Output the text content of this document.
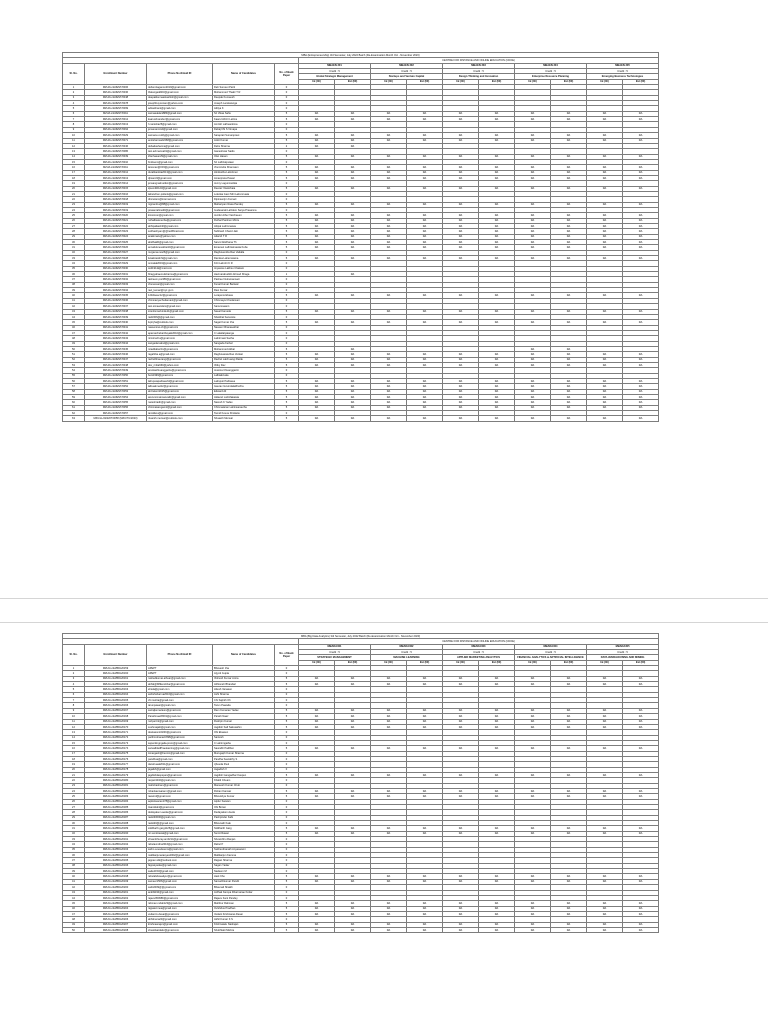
MBA (Entrepreneurship) 3rd Semester, July 2022 Batch (Re-Examination Month Oct - November 2023)														
					CENTRE FOR DISTANCE AND ONLINE EDUCATION (CDOE)									
Sl. No.	Enrollment Number	Phone No./Email ID	Name of Candidates	No. of Back Paper	MBAEN 301		MBAEN 302		MBAEN 303		MBAEN 304		MBAEN 305	
					Credit : 5		Credit : 5		Credit : 5		Credit : 5		Credit : 5	
					Global Strategic Management		Startups and Venture Capital		Design Thinking and Innovation		Enterprise Resource Planning		Emerging Business Technologies	
					Int (30)	Ext (60)	Int (30)	Ext (60)	Int (30)	Ext (60)	Int (30)	Ext (60)	Int (30)	Ext (60)
1	MZU/LL/22/ENT/0006	debsmitaganon2019@gmail.com	Deb Sumeet Pariti	0										
2	MZU/LL/22/ENT/0036	thakurgaddi03@gmail.com	Mohammed Thakir T R	0										
3	MZU/LL/22/ENT/0048	deepakkumaarkashish@gmail.com	Deepak Kumeesh	0										
4	MZU/LL/22/ENT/0078	josephbuyonnam@yahoo.com	Joseph Lamkawnga	0										
5	MZU/LL/22/ENT/0099	adisukhami@gmail.com	Aditya K	0										
6	MZU/LL/22/ENT/0011	saimasaklani889@gmail.com	Sri Vikas Sahu	5	RA	RA	RA	RA	RA	RA	RA	RA	RA	RA
7	MZU/LL/22/ENT/0012	kaarushnandez@gmail.com	Kaarul Ahtzir Lalrine	5	RA	RA	RA	RA	RA	RA	RA	RA	RA	RA
8	MZU/LL/22/ENT/0013	f.manisha25@gmail.com	Amrish Lalhuankima	0										
9	MZU/LL/22/ENT/0094	jensenamindi@gmail.com	Debaj NS S Vimapa	0										
10	MZU/LL/22/ENT/0029	saimanu.reddy@gmail.com	Saraprati Sumanpreet	5	RA	RA	RA	RA	RA	RA	RA	RA	RA	RA
11	MZU/LL/22/ENT/0071	amitsharma22468@gmail.com	Ankit Kumar	5	RA	RA	RA	RA	RA	RA	RA	RA	RA	RA
12	MZU/LL/22/ENT/0046	debadasharma@gmail.com	Debs Sharma	2	RA	RA								
13	MZU/LL/22/ENT/0086	test.azimanna01@gmail.com	Ganeshwar Sadio	0										
14	MZU/LL/22/ENT/0039	irfanhasan29@gmail.com	Irfan Hasan	5	RA	RA	RA	RA	RA	RA	RA	RA	RA	RA
15	MZU/LL/22/ENT/0010	fmdreem@gmail.com	Sri Lalhriatpuiaat	0										
16	MZU/LL/22/ENT/0011	lamsnan@003@gmail.com	Jhumindra Khamsam	5	RA	RA	RA	RA	RA	RA	RA	RA	RA	RA
17	MZU/LL/22/ENT/0012	durablankita2013@gmail.com	Hindustha Lalmitmei	5	RA	RA	RA	RA	RA	RA	RA	RA	RA	RA
18	MZU/LL/22/ENT/0013	djmanzil@gmail.com	Amanpreta Pawal	5	RA	RA	RA	RA	RA	RA	RA	RA	RA	RA
19	MZU/LL/22/ENT/0014	jensangnalmeitkin@gmail.com	Jenny Lagunmeitkia	0										
20	MZU/LL/22/ENT/0015	iqsemili0123@gmail.com	Deeraz Vlaotchaia	5	RA	RA	RA	RA	RA	RA	RA	RA	RA	RA
21	MZU/LL/22/ENT/0016	lalranchen.pollenk@gmail.com	Lolenka Gani Sthi Lalremruata	0										
22	MZU/LL/22/ENT/0018	dimreiters@internal.com	Dipinsenjim Kumari	0										
23	MZU/LL/22/ENT/0019	mjprambu@88@gmail.com	Mahariyam Rasa Pandey	5	RA	RA	RA	RA	RA	RA	RA	RA	RA	RA
24	MZU/LL/22/ENT/0019	prasanrahradi0@gmail.com	Gudesarali Lalzdem Sarya Prasanna	0										
25	MZU/LL/22/ENT/0020	kimsimon@gmail.com	Jenifer Ather Varcheeen	5	RA	RA	RA	RA	RA	RA	RA	RA	RA	RA
26	MZU/LL/22/ENT/0021	ruthalfastenerba@gmail.com	Ruthal Parshen Mirza	5	RA	RA	RA	RA	RA	RA	RA	RA	RA	RA
27	MZU/LL/22/ENT/0022	abhipalkashi0@gmail.com	Abipal Lalrinmawia	5	RA	RA	RA	RA	RA	RA	RA	RA	RA	RA
28	MZU/LL/22/ENT/0023	subhashyam@@rediffmail.com	Subhash Chand Jain	5	RA	RA	RA	RA	RA	RA	RA	RA	RA	RA
29	MZU/LL/22/ENT/0024	anakimaru@yahoo.com	Adarsh T R	5	RA	RA	RA	RA	RA	RA	RA	RA	RA	RA
30	MZU/LL/22/ENT/0025	abidhakl0@gmail.com	Sarvul Abidhana Th	5	RA	RA	RA	RA	RA	RA	RA	RA	RA	RA
31	MZU/LL/22/ENT/0026	annaboknevallrai10@gmail.com	Emanuel Lalhriatmawia Kube	5	RA	RA	RA	RA	RA	RA	RA	RA	RA	RA
32	MZU/LL/22/ENT/0027	mvgama.rao26@gmail.com	Raghavendra Rao Vadalla	0										
33	MZU/LL/22/ENT/0028	luisabrasilnhi@gmail.com	Damisa Lalremsiama	5	RA	RA	RA	RA	RA	RA	RA	RA	RA	RA
34	MZU/LL/22/ENT/0029	onmalal2019@gmail.com	Kriti Lalmitri K R	0										
35	MZU/LL/22/ENT/0030	ceb1911k@mail.com	Jeyasree Lakhsu Chakam	0										
36	MZU/LL/22/ENT/0031	bhagyahaemulsharma@gmail.com	Hazmarabuddin Ahmed Khaga	1		RA								
37	MZU/LL/22/ENT/0032	tasheem.poril89@gmail.com	Pashee Nutramanoaci	0										
38	MZU/LL/22/ENT/0033	chunesvar@gmail.com	Kunal Kumar Bartwal	0										
39	MZU/LL/22/ENT/0034	ravi_kumar@xyz.gv.in	Ravi Kumar	0										
40	MZU/LL/22/ENT/0035	123diseec12@gmail.com	Lerapens Ebeas	5	RA	RA	RA	RA	RA	RA	RA	RA	RA	RA
41	MZU/LL/22/ENT/0036	chimnanyechodamani@gmail.com	Chinmaya Chudamani	0										
42	MZU/LL/22/ENT/0037	test.simaanders@gmail.com	Sanumsaann	0										
43	MZU/LL/22/ENT/0038	sirenlismerkinde11@gmail.com	Seeal Kamede	5	RA	RA	RA	RA	RA	RA	RA	RA	RA	RA
44	MZU/LL/22/ENT/0039	radir006@@gmail.com	Sheikhal Sanvoste	0										
45	MZU/LL/22/ENT/0040	lupit.jha@outlook.com	Sagat Kumar Jha	5	RA	RA	RA	RA	RA	RA	RA	RA	RA	RA
46	MZU/LL/22/ENT/0041	naveenrao.ch@gmail.com	Naveen Dhanasekhar	0										
47	MZU/LL/22/ENT/0042	aparnachebarthayaki2010@gmail.com	C Lalatlalyaianga	0										
48	MZU/LL/22/ENT/0043	nirmlcuchu@gmail.com	Lalnirmasi Sacha	0										
49	MZU/LL/22/ENT/0044	sangada.kabul@gmail.com	Sangada Kerbel	0										
50	MZU/LL/22/ENT/0045	mtaddaberi11@gmail.com	Mohammed Akbar	5		RA					RA	RA		
51	MZU/LL/22/ENT/0046	ragahiba.a@gmail.com	Raghavaraia Rao Venkat	5	RA	RA	RA	RA	RA	RA	RA	RA	RA	RA
52	MZU/LL/22/ENT/0047	rachelbhaurangi@gmail.com	Rachel Lalchuangi Rattle	5	RA	RA	RA	RA	RA	RA	RA	RA	RA	RA
53	MZU/LL/22/ENT/0048	dev_rnitia660@yahoo.com	Vitiky Dev	5	RA	RA	RA	RA	RA	RA	RA	RA	RA	RA
54	MZU/LL/22/ENT/0049	arunkachiuanggarrie@gmail.com	Jessica Chuanggarini	0										
55	MZU/LL/22/ENT/0050	beni1999@gmail.com	Lalbiakzuala	0										
56	MZU/LL/22/ENT/0051	lalrupuiaparfauerld@gmail.com	Lalrupuii Parfauea	5	RA	RA	RA	RA	RA	RA	RA	RA	RA	RA
57	MZU/LL/22/ENT/0052	lalbuakmar22@gmail.com	Gaurav Govindaladfruzha	5	RA	RA	RA	RA	RA	RA	RA	RA	RA	RA
58	MZU/LL/22/ENT/0053	ali.bwlent2015@gmail.com	Edward Ali	5	RA	RA	RA	RA	RA	RA	RA	RA	RA	RA
59	MZU/LL/22/ENT/0054	arerumimatmanvaliz@gmail.com	Aklavaz Lalrinfakawia	5	RA	RA	RA	RA	RA	RA	RA	RA	RA	RA
60	MZU/LL/22/ENT/0055	nareshradir@gmail.com	Naresh K Yadav	5	RA	RA	RA	RA	RA	RA	RA	RA	RA	RA
61	MZU/LL/22/ENT/0056	chinmataregamd@gmail.com	Chinmataran Lalrinsanaurha	5	RA	RA	RA	RA	RA	RA	RA	RA	RA	RA
62	MZU/LL/22/ENT/0057	tamidkou@gmail.com	Tamid Kouva Kholiarie	0										
63	MZU/LL/22/ENT/0058 (MZU/TU/2023)	rituanih.mensar@outlook.com	Shuaeth Mensar	5	RA	RA	RA	RA	RA	RA	RA	RA	RA	RA
MBA (Big Data Analytics) 3rd Semester, July 2022 Batch (Re-Examination Month Oct - November 2023)														
					CENTRE FOR DISTANCE AND ONLINE EDUCATION (CDOE)									
Sl. No.	Enrollment Number	Phone No./Email ID	Name of Candidates	No. of Back Paper	MBADA301		MBADA302		MBADA303		MBADA304		MBADA305	
					Credit : 5		Credit : 5		Credit : 5		Credit : 5		Credit : 5	
					STRATEGIC MANAGEMENT		MACHINE LEARNING		APPLIED MARKETING ANALYTICS		FINANCIAL ANALYTICS & ARTIFICIAL INTELLIGENCE		DATA WAREHOUSING AND MINING	
					Int (30)	Ext (60)	Int (30)	Ext (60)	Int (30)	Ext (60)	Int (30)	Ext (60)	Int (30)	Ext (60)
1	MZU/LL/22/BDA/0159	APEPT	Bhavesh Jha	0										
2	MZU/LL/22/BDA/0160	APEPT	Arjyoti Gupta	0										
3	MZU/LL/22/BDA/0161	rushedkumar.athuar@gmail.com	Vishesh Kumar Arora	5	RA	RA	RA	RA	RA	RA	RA	RA	RA	RA
4	MZU/LL/22/BDA/0162	abhik@b89ensbhar@gmail.com	Abhisneh Bhandari	5	RA	RA	RA	RA	RA	RA	RA	RA	RA	RA
5	MZU/LL/22/BDA/0163	ehiela@gmail.com	Hitesh Vanasen	0										
6	MZU/LL/22/BDA/0164	ashishsharma2016@gmail.com	Ashi Sharma	0										
7	MZU/LL/22/BDA/0165	chi.mehta@gmail.com	Chi Sajinth Oh	0										
8	MZU/LL/22/BDA/0166	tarunpawar@gmail.com	Tarun Pawada	0										
9	MZU/LL/22/BDA/0167	sarrajkumartesn@gmail.com	Ram Kumaran Yadav	5	RA	RA	RA	RA	RA	RA	RA	RA	RA	RA
10	MZU/LL/22/BDA/0168	Parathnaaz8001@gmail.com	Parath Naaz	5	RA	RA	RA	RA	RA	RA	RA	RA	RA	RA
11	MZU/LL/22/BDA/0169	ruzipar.ful@gmail.com	Rushpin Kumar	5	RA	RA	RA	RA	RA	RA	RA	RA	RA	RA
12	MZU/LL/22/BDA/0170	sushmajaiit@gmail.com	Jagdish Saif Sakusaihm	5	RA	RA	RA	RA	RA	RA	RA	RA	RA	RA
13	MZU/LL/22/BDA/0171	devkassmit0246@gmail.com	Obi Eloasen	0										
14	MZU/LL/22/BDA/0172	parthmohanad.f998@gmail.com	Santosh	0										
15	MZU/LL/22/BDA/0173	sajvenlingngalia.prem@gmail.com	C Lalrinngaiha	0										
16	MZU/LL/22/BDA/0174	sarwalbladPraelearning@gmail.com	Saurabh Padlhen	5	RA	RA	RA	RA	RA	RA	RA	RA	RA	RA
17	MZU/LL/22/BDA/0175	Amargash@hennin@gmail.com	Murugaph Kumar Sharma	0										
18	MZU/LL/22/BDA/0176	pandhoa@gmail.com	Pandha Saurabhy S	0										
19	MZU/LL/22/BDA/0177	danshuaal2011@gmail.com	Jjbuuda Paul	0										
20	MZU/LL/22/BDA/0178	jagatkh@gmail.com	Jagadish V	0										
21	MZU/LL/22/BDA/0179	jagdishdaspspan@gmail.com	Jagdish Gangadhar Kaspen	5	RA	RA	RA	RA	RA	RA	RA	RA	RA	RA
22	MZU/LL/22/BDA/0180	ranjan3432@gmail.com	Khalid Cheam	0										
23	MZU/LL/22/BDA/0181	mahshasham@gmail.com	Maneesh Kumar Chuti	0										
24	MZU/LL/22/BDA/0182	rohankanwaran.t@gmail.com	Rohan Kanwar	5	RA	RA	RA	RA	RA	RA	RA	RA	RA	RA
25	MZU/LL/22/BDA/0183	raavind@gmail.com	Bhavishya Kumar	5	RA	RA	RA	RA	RA	RA	RA	RA	RA	RA
26	MZU/LL/22/BDA/0184	aqdulswaran178@gmail.com	Aqdur Swaran	0										
27	MZU/LL/22/BDA/0185	ttsamkkk4@gmail.com	Obi Brown	0										
28	MZU/LL/22/BDA/0186	dedayakum.aeole@gmail.com	Dedayakum Aeole	0										
29	MZU/LL/22/BDA/0187	radol30000@gmail.com	Pashpinder Kabi	0										
30	MZU/LL/22/BDA/0188	radold0@@gmail.com	Bhavnath Kale	0										
31	MZU/LL/22/BDA/0189	siddharth.garg1125@gmail.com	Siddharth Garg	5	RA	RA	RA	RA	RA	RA	RA	RA	RA	RA
32	MZU/LL/22/BDA/0190	mr.sumitrawat@gmail.com	Sumit Rawat	5	RA	RA	RA	RA	RA	RA	RA	RA	RA	RA
33	MZU/LL/22/BDA/0191	shvambhuray.am0214@gmail.com	Shvambhu Ranjan	0										
34	MZU/LL/22/BDA/0192	rahulaxndiru2016@gmail.com	Rahul P	0										
35	MZU/LL/22/BDA/0193	sahm.a.sevkeems@gmail.com	Sukhendranath Anyaswami	0										
36	MZU/LL/22/BDA/0194	mallikarjunaraoyes2002@gmail.com	Mallikarjun Kamma	0										
37	MZU/LL/22/BDA/0195	jappan.silk@outlook.com	Rajpan Sharma	0										
38	MZU/LL/22/BDA/0196	fappatyadav@gmail.com	Sagan Yadav	0										
39	MZU/LL/22/BDA/0197	sade2153@gmail.com	Nadeem M	0										
40	MZU/LL/22/BDA/0198	rahulabdwealiyer@gmail.com	Hark Khe	5	RA	RA	RA	RA	RA	RA	RA	RA	RA	RA
41	MZU/LL/22/BDA/0199	sameer1566@gmail.com	Samarthkumar Pandit	5	RA	RA	RA	RA	RA	RA	RA	RA	RA	RA
42	MZU/LL/22/BDA/0200	saibi2009@@gmail.com	Bhaunail Shaikh	0										
43	MZU/LL/22/BDA/0201	ankit9190@gmail.com	Ardhak Kampa Dharmarae Kottar	0										
44	MZU/LL/22/BDA/0202	rajeev950986@gmail.com	Rajeev Kant Pandey	0										
45	MZU/LL/22/BDA/0203	rahman.mdali123@gmail.com	Mahibur Rahman	5	RA	RA	RA	RA	RA	RA	RA	RA	RA	RA
46	MZU/LL/22/BDA/0204	rajpatel.mea@gmail.com	Ovishdus Pradhan	5	RA	RA	RA	RA	RA	RA	RA	RA	RA	RA
47	MZU/LL/22/BDA/0205	vedant.k.desai@gmail.com	Vedant Krishnarao Desai	5	RA	RA	RA	RA	RA	RA	RA	RA	RA	RA
48	MZU/LL/22/BDA/0206	abhilmera23@gmail.com	Akhil Kumar K S	0										
49	MZU/LL/22/BDA/0207	krishnasrajen@gmail.com	Krishnatatu Nadrajan	5	RA	RA	RA	RA	RA	RA	RA	RA	RA	RA
50	MZU/LL/22/BDA/0208	shuatilsatdalsr@gmail.com	Shubhlatti Mishra	5	RA	RA	RA	RA	RA	RA	RA	RA	RA	RA
